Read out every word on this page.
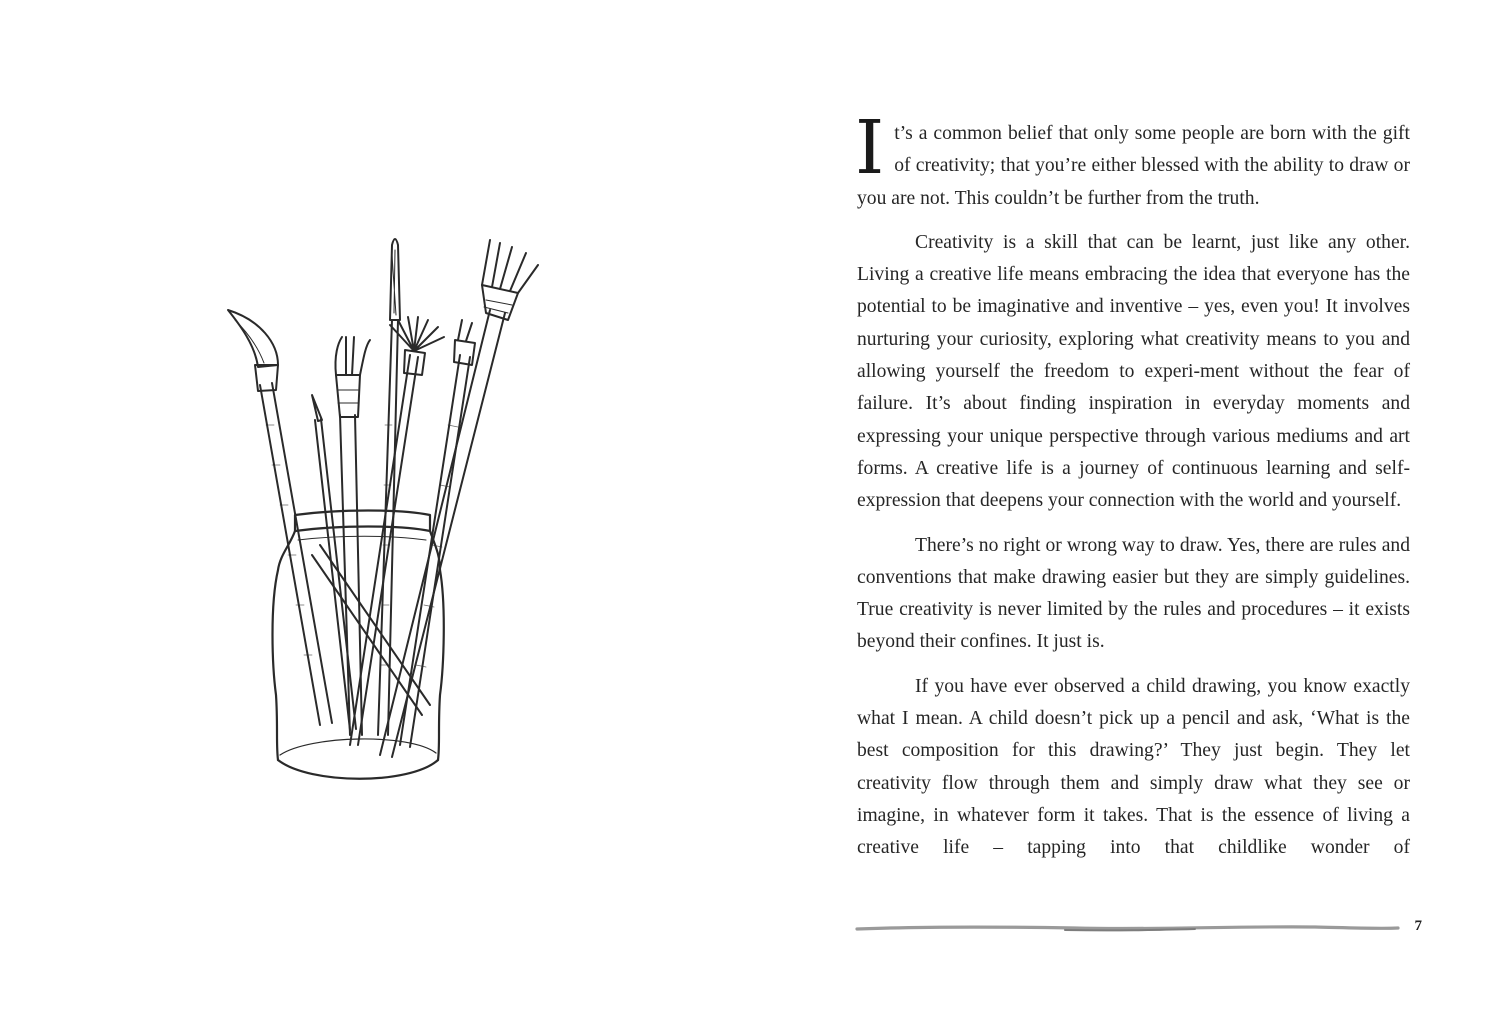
It’s a common belief that only some people are born with the gift of creativity; that you’re either blessed with the ability to draw or you are not. This couldn’t be further from the truth.

Creativity is a skill that can be learnt, just like any other. Living a creative life means embracing the idea that everyone has the potential to be imaginative and inventive – yes, even you! It involves nurturing your curiosity, exploring what creativity means to you and allowing yourself the freedom to experi-ment without the fear of failure. It’s about finding inspiration in everyday moments and expressing your unique perspective through various mediums and art forms. A creative life is a journey of continuous learning and self-expression that deepens your connection with the world and yourself.

There’s no right or wrong way to draw. Yes, there are rules and conventions that make drawing easier but they are simply guidelines. True creativity is never limited by the rules and procedures – it exists beyond their confines. It just is.

If you have ever observed a child drawing, you know exactly what I mean. A child doesn’t pick up a pencil and ask, ‘What is the best composition for this drawing?’ They just begin. They let creativity flow through them and simply draw what they see or imagine, in whatever form it takes. That is the essence of living a creative life – tapping into that childlike wonder of

7
